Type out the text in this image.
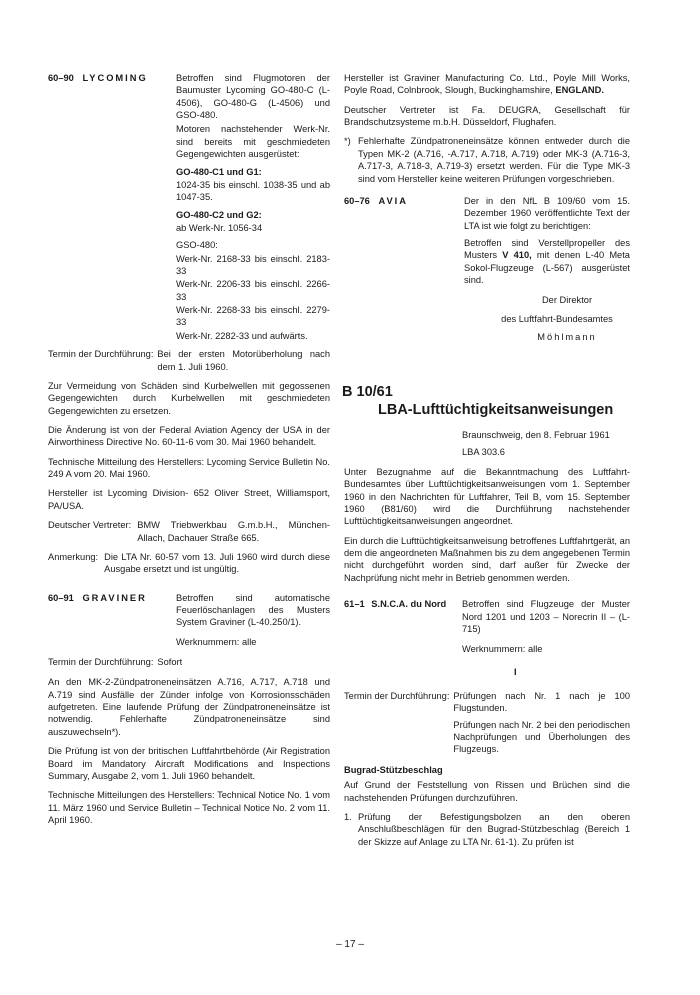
60–90 LYCOMING	Betroffen sind Flugmotoren der Baumuster Lycoming GO-480-C (L-4506), GO-480-G (L-4506) und GSO-480.

Motoren nachstehender Werk-Nr. sind bereits mit geschmiedeten Gegengewichten ausgerüstet:

GO-480-C1 und G1:

1024-35 bis einschl. 1038-35 und ab 1047-35.

GO-480-C2 und G2:

ab Werk-Nr. 1056-34

GSO-480:

Werk-Nr. 2168-33 bis einschl. 2183-33

Werk-Nr. 2206-33 bis einschl. 2266-33

Werk-Nr. 2268-33 bis einschl. 2279-33

Werk-Nr. 2282-33 und aufwärts.

Termin der Durchführung: Bei der ersten Motorüberholung nach dem 1. Juli 1960.

Zur Vermeidung von Schäden sind Kurbelwellen mit gegossenen Gegengewichten durch Kurbelwellen mit geschmiedeten Gegengewichten zu ersetzen.

Die Änderung ist von der Federal Aviation Agency der USA in der Airworthiness Directive No. 60-11-6 vom 30. Mai 1960 behandelt.

Technische Mitteilung des Herstellers: Lycoming Service Bulletin No. 249 A vom 20. Mai 1960.

Hersteller ist Lycoming Division- 652 Oliver Street, Williamsport, PA/USA.

Deutscher Vertreter: BMW Triebwerkbau G.m.b.H., München-Allach, Dachauer Straße 665.
Anmerkung: Die LTA Nr. 60-57 vom 13. Juli 1960 wird durch diese Ausgabe ersetzt und ist ungültig.
60–91 GRAVINER	Betroffen sind automatische Feuerlöschanlagen des Musters System Graviner (L-40.250/1).

Werknummern: alle

Termin der Durchführung: Sofort

An den MK-2-Zündpatroneneinsätzen A.716, A.717, A.718 und A.719 sind Ausfälle der Zünder infolge von Korrosionsschäden aufgetreten. Eine laufende Prüfung der Zündpatroneneinsätze ist notwendig. Fehlerhafte Zündpatroneneinsätze sind auszuwechseln*).

Die Prüfung ist von der britischen Luftfahrtbehörde (Air Registration Board im Mandatory Aircraft Modifications and Inspections Summary, Ausgabe 2, vom 1. Juli 1960 behandelt.

Technische Mitteilungen des Herstellers: Technical Notice No. 1 vom 11. März 1960 und Service Bulletin – Technical Notice No. 2 vom 11. April 1960.

Hersteller ist Graviner Manufacturing Co. Ltd., Poyle Mill Works, Poyle Road, Colnbrook, Slough, Buckinghamshire, ENGLAND.

Deutscher Vertreter ist Fa. DEUGRA, Gesellschaft für Brandschutzsysteme m.b.H. Düsseldorf, Flughafen.

*) Fehlerhafte Zündpatroneneinsätze können entweder durch die Typen MK-2 (A.716, -A.717, A.718, A.719) oder MK-3 (A.716-3, A.717-3, A.718-3, A.719-3) ersetzt werden. Für die Type MK-3 sind vom Hersteller keine weiteren Prüfungen vorgeschrieben.
60–76 AVIA	Der in den NfL B 109/60 vom 15. Dezember 1960 veröffentlichte Text der LTA ist wie folgt zu berichtigen:

Betroffen sind Verstellpropeller des Musters V 410, mit denen L-40 Meta Sokol-Flugzeuge (L-567) ausgerüstet sind.

Der Direktor

des Luftfahrt-Bundesamtes

Möhlmann

B 10/61
LBA-Lufttüchtigkeitsanweisungen

Braunschweig, den 8. Februar 1961

LBA 303.6

Unter Bezugnahme auf die Bekanntmachung des Luftfahrt-Bundesamtes über Lufttüchtigkeitsanweisungen vom 1. September 1960 in den Nachrichten für Luftfahrer, Teil B, vom 15. September 1960 (B81/60) wird die Durchführung nachstehender Lufttüchtigkeitsanweisungen angeordnet.

Ein durch die Lufttüchtigkeitsanweisung betroffenes Luftfahrtgerät, an dem die angeordneten Maßnahmen bis zu dem angegebenen Termin nicht durchgeführt worden sind, darf außer für Zwecke der Nachprüfung nicht mehr in Betrieb genommen werden.

61–1 S.N.C.A. du Nord	Betroffen sind Flugzeuge der Muster Nord 1201 und 1203 – Norecrin II – (L-715)

Werknummern: alle

I

Termin der Durchführung: Prüfungen nach Nr. 1 nach je 100 Flugstunden.

Prüfungen nach Nr. 2 bei den periodischen Nachprüfungen und Überholungen des Flugzeugs.

Bugrad-Stützbeschlag

Auf Grund der Feststellung von Rissen und Brüchen sind die nachstehenden Prüfungen durchzuführen.

1. Prüfung der Befestigungsbolzen an den oberen Anschlußbeschlägen für den Bugrad-Stützbeschlag (Bereich 1 der Skizze auf Anlage zu LTA Nr. 61-1). Zu prüfen ist
– 17 –
